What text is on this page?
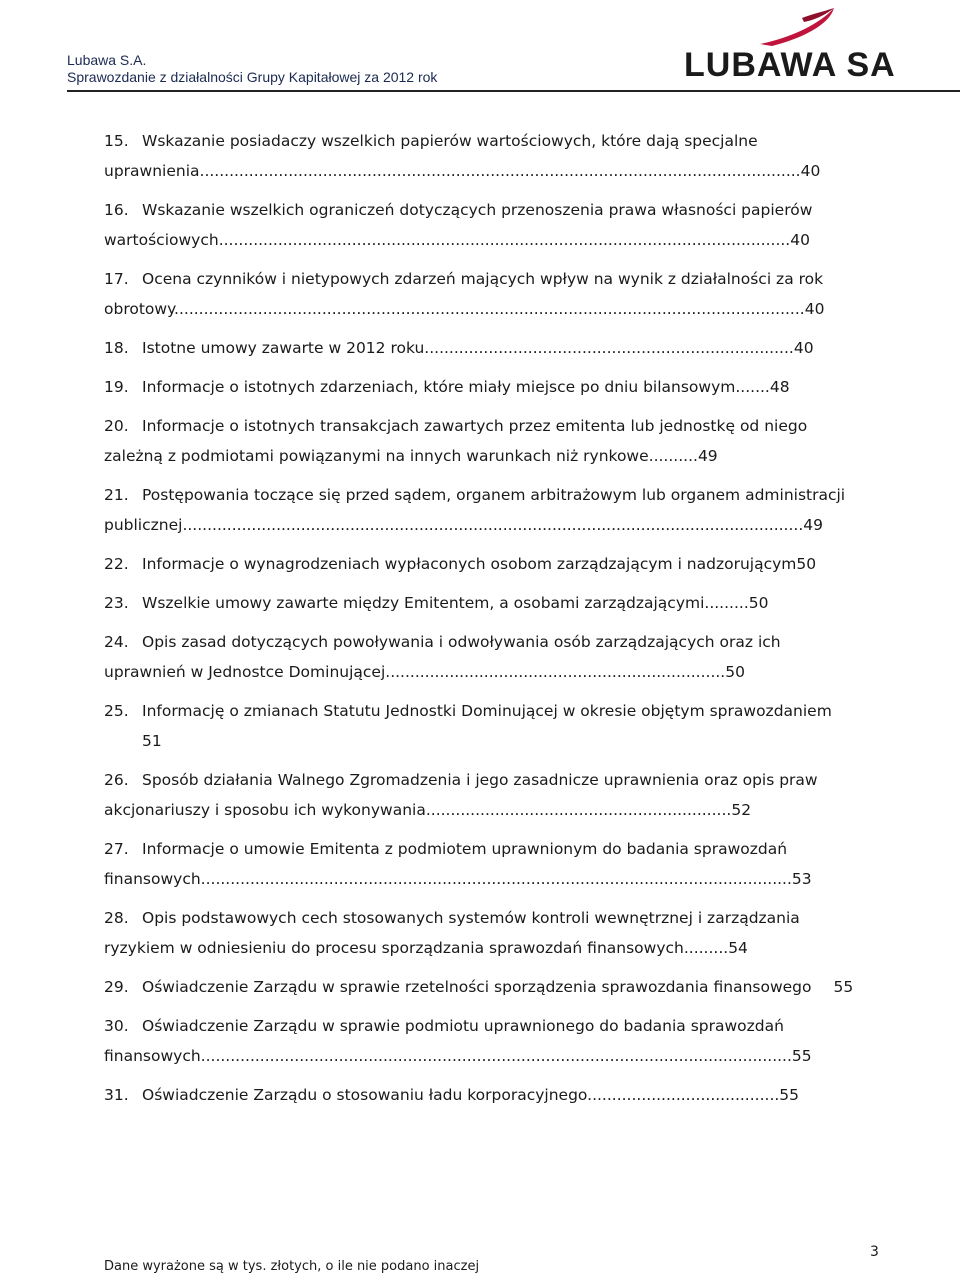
Lubawa S.A.
Sprawozdanie z działalności Grupy Kapitałowej za 2012 rok	LUBAWA SA
15. Wskazanie posiadaczy wszelkich papierów wartościowych, które dają specjalne
uprawnienia..........................................................................................................................40
16. Wskazanie wszelkich ograniczeń dotyczących przenoszenia prawa własności papierów
wartościowych....................................................................................................................40
17. Ocena czynników i nietypowych zdarzeń mających wpływ na wynik z działalności za rok
obrotowy................................................................................................................................40
18. Istotne umowy zawarte w 2012 roku...........................................................................40
19. Informacje o istotnych zdarzeniach, które miały miejsce po dniu bilansowym.......48
20. Informacje o istotnych transakcjach zawartych przez emitenta lub jednostkę od niego
zależną z podmiotami powiązanymi na innych warunkach niż rynkowe..........49
21. Postępowania toczące się przed sądem, organem arbitrażowym lub organem administracji
publicznej..............................................................................................................................49
22. Informacje o wynagrodzeniach wypłaconych osobom zarządzającym i nadzorującym50
23. Wszelkie umowy zawarte między Emitentem, a osobami zarządzającymi.........50
24. Opis zasad dotyczących powoływania i odwoływania osób zarządzających oraz ich
uprawnień w Jednostce Dominującej.....................................................................50
25. Informację o zmianach Statutu Jednostki Dominującej w okresie objętym sprawozdaniem
51
26. Sposób działania Walnego Zgromadzenia i jego zasadnicze uprawnienia oraz opis praw
akcjonariuszy i sposobu ich wykonywania..............................................................52
27. Informacje o umowie Emitenta z podmiotem uprawnionym do badania sprawozdań
finansowych........................................................................................................................53
28. Opis podstawowych cech stosowanych systemów kontroli wewnętrznej i zarządzania
ryzykiem w odniesieniu do procesu sporządzania sprawozdań finansowych.........54
29. Oświadczenie Zarządu w sprawie rzetelności sporządzenia sprawozdania finansowego 55
30. Oświadczenie Zarządu w sprawie podmiotu uprawnionego do badania sprawozdań
finansowych........................................................................................................................55
31. Oświadczenie Zarządu o stosowaniu ładu korporacyjnego.......................................55
Dane wyrażone są w tys. złotych, o ile nie podano inaczej
3
